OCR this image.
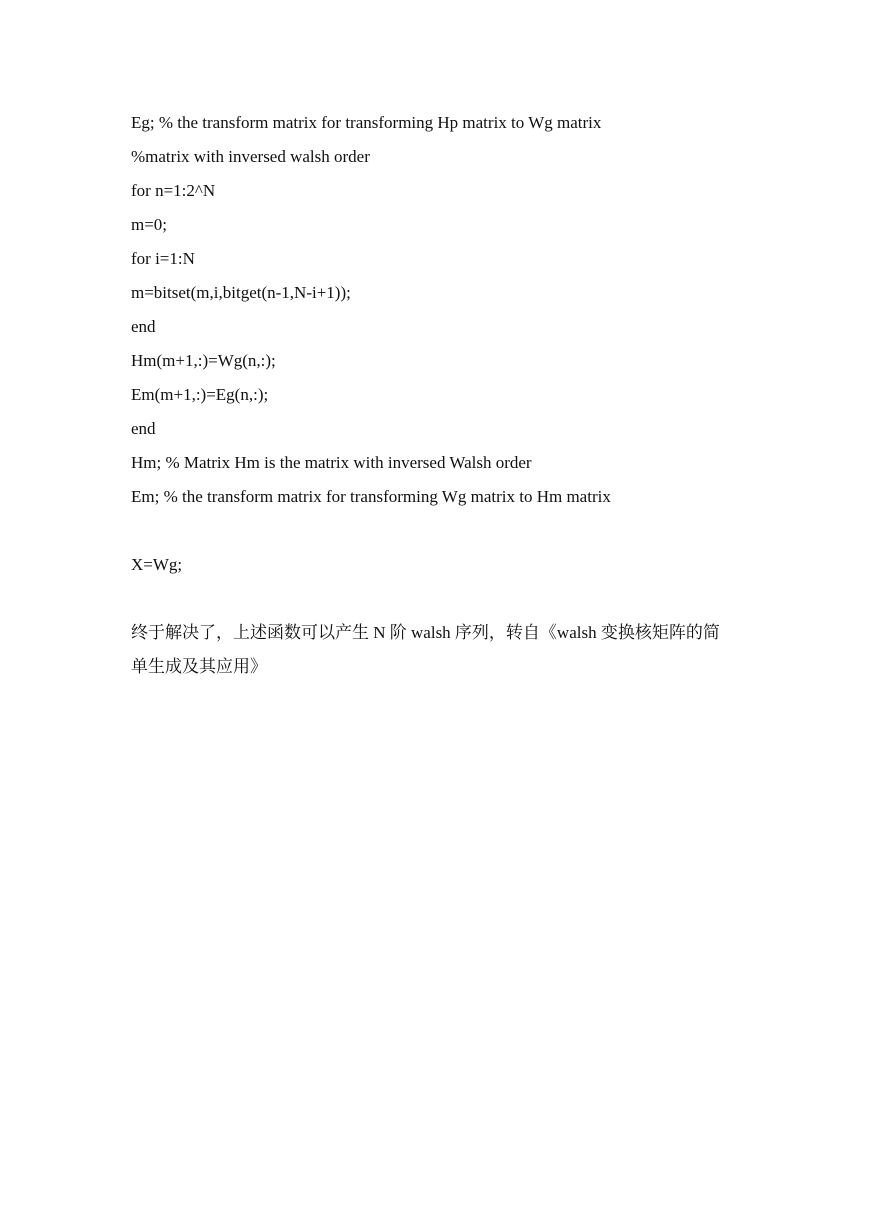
Eg; % the transform matrix for transforming Hp matrix to Wg matrix
%matrix with inversed walsh order
for n=1:2^N
m=0;
for i=1:N
m=bitset(m,i,bitget(n-1,N-i+1));
end
Hm(m+1,:)=Wg(n,:);
Em(m+1,:)=Eg(n,:);
end
Hm; % Matrix Hm is the matrix with inversed Walsh order
Em; % the transform matrix for transforming Wg matrix to Hm matrix
X=Wg;
终于解决了，上述函数可以产生 N 阶 walsh 序列，转自《walsh 变换核矩阵的简
单生成及其应用》
